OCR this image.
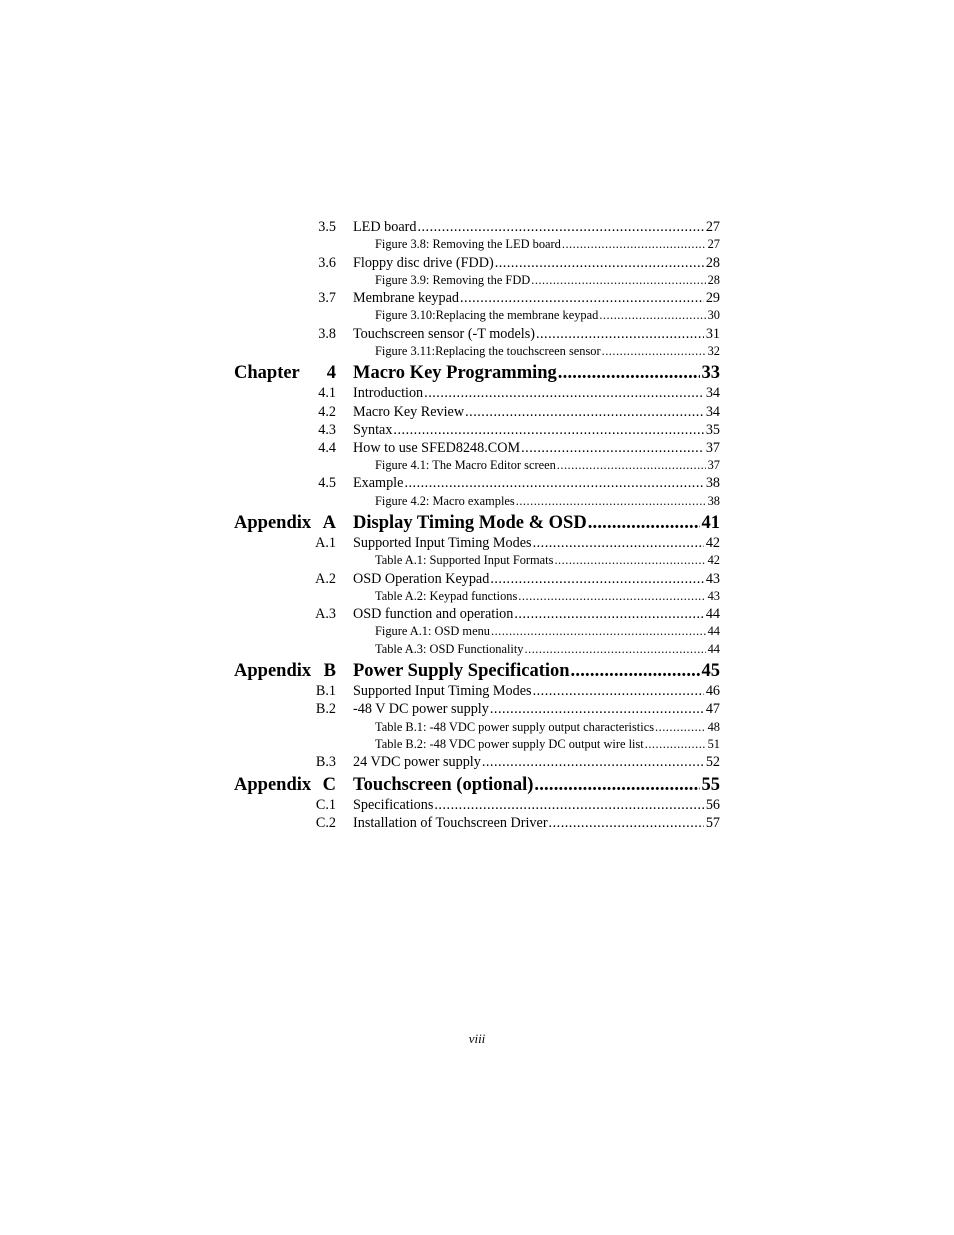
3.5 LED board .....	27
Figure 3.8: Removing the LED board .....	27
3.6 Floppy disc drive (FDD) .....	28
Figure 3.9: Removing the FDD .....	28
3.7 Membrane keypad .....	29
Figure 3.10:Replacing the membrane keypad .....	30
3.8 Touchscreen sensor (-T models) .....	31
Figure 3.11:Replacing the touchscreen sensor .....	32
Chapter 4 Macro Key Programming .....	33
4.1 Introduction .....	34
4.2 Macro Key Review .....	34
4.3 Syntax .....	35
4.4 How to use SFED8248.COM .....	37
Figure 4.1: The Macro Editor screen .....	37
4.5 Example .....	38
Figure 4.2: Macro examples .....	38
Appendix A Display Timing Mode & OSD .....	41
A.1 Supported Input Timing Modes .....	42
Table A.1: Supported Input Formats .....	42
A.2 OSD Operation Keypad .....	43
Table A.2: Keypad functions .....	43
A.3 OSD function and operation .....	44
Figure A.1: OSD menu .....	44
Table A.3: OSD Functionality .....	44
Appendix B Power Supply Specification .....	45
B.1 Supported Input Timing Modes .....	46
B.2 -48 V DC power supply .....	47
Table B.1: -48 VDC power supply output characteristics .....	48
Table B.2: -48 VDC power supply DC output wire list .....	51
B.3 24 VDC power supply .....	52
Appendix C Touchscreen (optional) .....	55
C.1 Specifications .....	56
C.2 Installation of Touchscreen Driver .....	57
viii
